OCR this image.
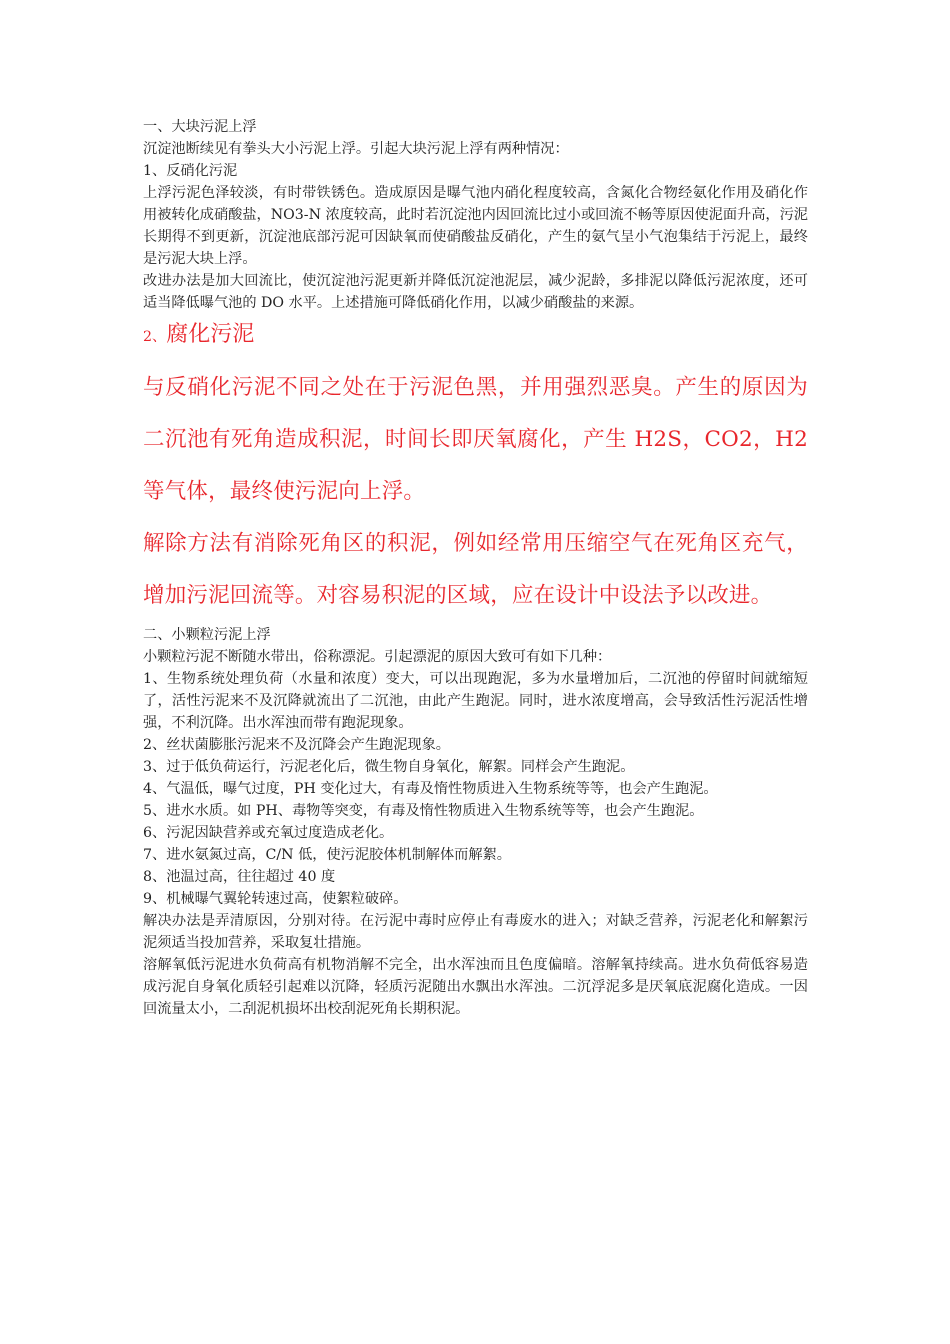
一、大块污泥上浮

沉淀池断续见有拳头大小污泥上浮。引起大块污泥上浮有两种情况：

1、反硝化污泥

上浮污泥色泽较淡，有时带铁锈色。造成原因是曝气池内硝化程度较高，含氮化合物经氨化作用及硝化作用被转化成硝酸盐，NO3-N 浓度较高，此时若沉淀池内因回流比过小或回流不畅等原因使泥面升高，污泥长期得不到更新，沉淀池底部污泥可因缺氧而使硝酸盐反硝化，产生的氨气呈小气泡集结于污泥上，最终是污泥大块上浮。

改进办法是加大回流比，使沉淀池污泥更新并降低沉淀池泥层，减少泥龄，多排泥以降低污泥浓度，还可适当降低曝气池的 DO 水平。上述措施可降低硝化作用，以减少硝酸盐的来源。

2、腐化污泥

与反硝化污泥不同之处在于污泥色黑，并用强烈恶臭。产生的原因为二沉池有死角造成积泥，时间长即厌氧腐化，产生 H2S，CO2，H2 等气体，最终使污泥向上浮。

解除方法有消除死角区的积泥，例如经常用压缩空气在死角区充气，增加污泥回流等。对容易积泥的区域，应在设计中设法予以改进。

二、小颗粒污泥上浮

小颗粒污泥不断随水带出，俗称漂泥。引起漂泥的原因大致可有如下几种：

1、生物系统处理负荷（水量和浓度）变大，可以出现跑泥，多为水量增加后，二沉池的停留时间就缩短了，活性污泥来不及沉降就流出了二沉池，由此产生跑泥。同时，进水浓度增高，会导致活性污泥活性增强，不利沉降。出水浑浊而带有跑泥现象。

2、丝状菌膨胀污泥来不及沉降会产生跑泥现象。

3、过于低负荷运行，污泥老化后，微生物自身氧化，解絮。同样会产生跑泥。

4、气温低，曝气过度，PH 变化过大，有毒及惰性物质进入生物系统等等，也会产生跑泥。

5、进水水质。如 PH、毒物等突变，有毒及惰性物质进入生物系统等等，也会产生跑泥。

6、污泥因缺营养或充氧过度造成老化。

7、进水氨氮过高，C/N 低，使污泥胶体机制解体而解絮。

8、池温过高，往往超过 40 度

9、机械曝气翼轮转速过高，使絮粒破碎。

解决办法是弄清原因，分别对待。在污泥中毒时应停止有毒废水的进入；对缺乏营养，污泥老化和解絮污泥须适当投加营养，采取复壮措施。

溶解氧低污泥进水负荷高有机物消解不完全，出水浑浊而且色度偏暗。溶解氧持续高。进水负荷低容易造成污泥自身氧化质轻引起难以沉降，轻质污泥随出水飘出水浑浊。二沉浮泥多是厌氧底泥腐化造成。一因回流量太小，二刮泥机损坏出校刮泥死角长期积泥。
